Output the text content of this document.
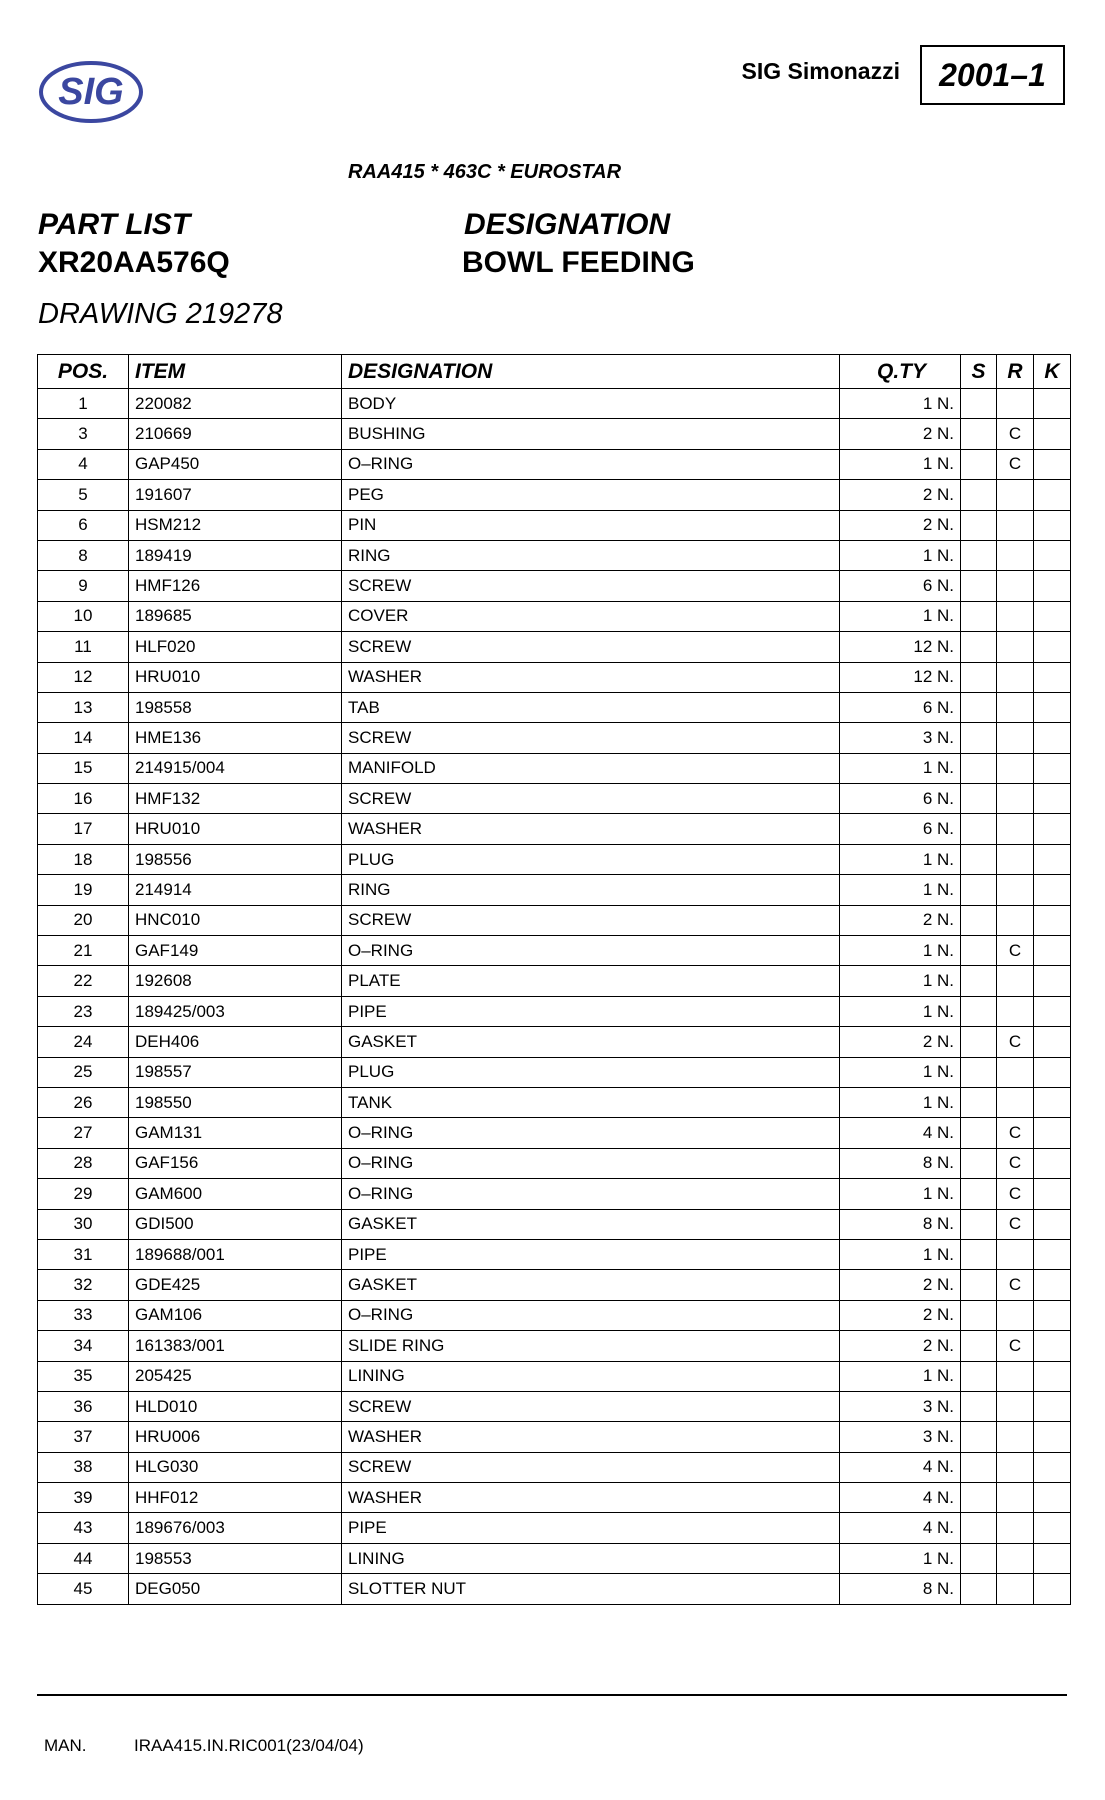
SIG	SIG Simonazzi 2001–1
RAA415 * 463C * EUROSTAR
PART LIST
XR20AA576Q
DESIGNATION
BOWL FEEDING
DRAWING 219278
POS.	ITEM	DESIGNATION	Q.TY	S	R	K
1	220082	BODY	1 N.			
3	210669	BUSHING	2 N.		C	
4	GAP450	O–RING	1 N.		C	
5	191607	PEG	2 N.			
6	HSM212	PIN	2 N.			
8	189419	RING	1 N.			
9	HMF126	SCREW	6 N.			
10	189685	COVER	1 N.			
11	HLF020	SCREW	12 N.			
12	HRU010	WASHER	12 N.			
13	198558	TAB	6 N.			
14	HME136	SCREW	3 N.			
15	214915/004	MANIFOLD	1 N.			
16	HMF132	SCREW	6 N.			
17	HRU010	WASHER	6 N.			
18	198556	PLUG	1 N.			
19	214914	RING	1 N.			
20	HNC010	SCREW	2 N.			
21	GAF149	O–RING	1 N.		C	
22	192608	PLATE	1 N.			
23	189425/003	PIPE	1 N.			
24	DEH406	GASKET	2 N.		C	
25	198557	PLUG	1 N.			
26	198550	TANK	1 N.			
27	GAM131	O–RING	4 N.		C	
28	GAF156	O–RING	8 N.		C	
29	GAM600	O–RING	1 N.		C	
30	GDI500	GASKET	8 N.		C	
31	189688/001	PIPE	1 N.			
32	GDE425	GASKET	2 N.		C	
33	GAM106	O–RING	2 N.			
34	161383/001	SLIDE RING	2 N.		C	
35	205425	LINING	1 N.			
36	HLD010	SCREW	3 N.			
37	HRU006	WASHER	3 N.			
38	HLG030	SCREW	4 N.			
39	HHF012	WASHER	4 N.			
43	189676/003	PIPE	4 N.			
44	198553	LINING	1 N.			
45	DEG050	SLOTTER NUT	8 N.			
MAN.	IRAA415.IN.RIC001(23/04/04)
